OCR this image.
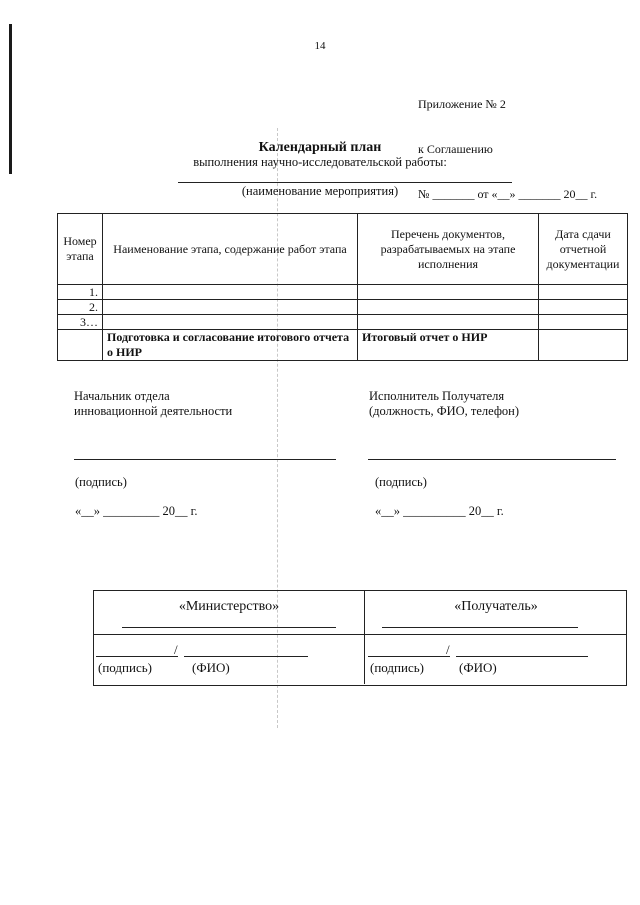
14

Приложение № 2

к Соглашению

№ _______ от «__» _______ 20__ г.

Календарный план
выполнения научно-исследовательской работы:
(наименование мероприятия)
Номер этапа	Наименование этапа, содержание работ этапа	Перечень документов, разрабатываемых на этапе исполнения	Дата сдачи отчетной документации
1.			
2.			
3…			
	Подготовка и согласование итогового отчета о НИР	Итоговый отчет о НИР	
Начальник отдела
инновационной деятельности
Исполнитель Получателя
(должность, ФИО, телефон)
(подпись)	(подпись)
«__» _________ 20__ г.	«__» __________ 20__ г.
«Министерство»	«Получатель»
/	/
(подпись)	(ФИО)	(подпись)	(ФИО)
